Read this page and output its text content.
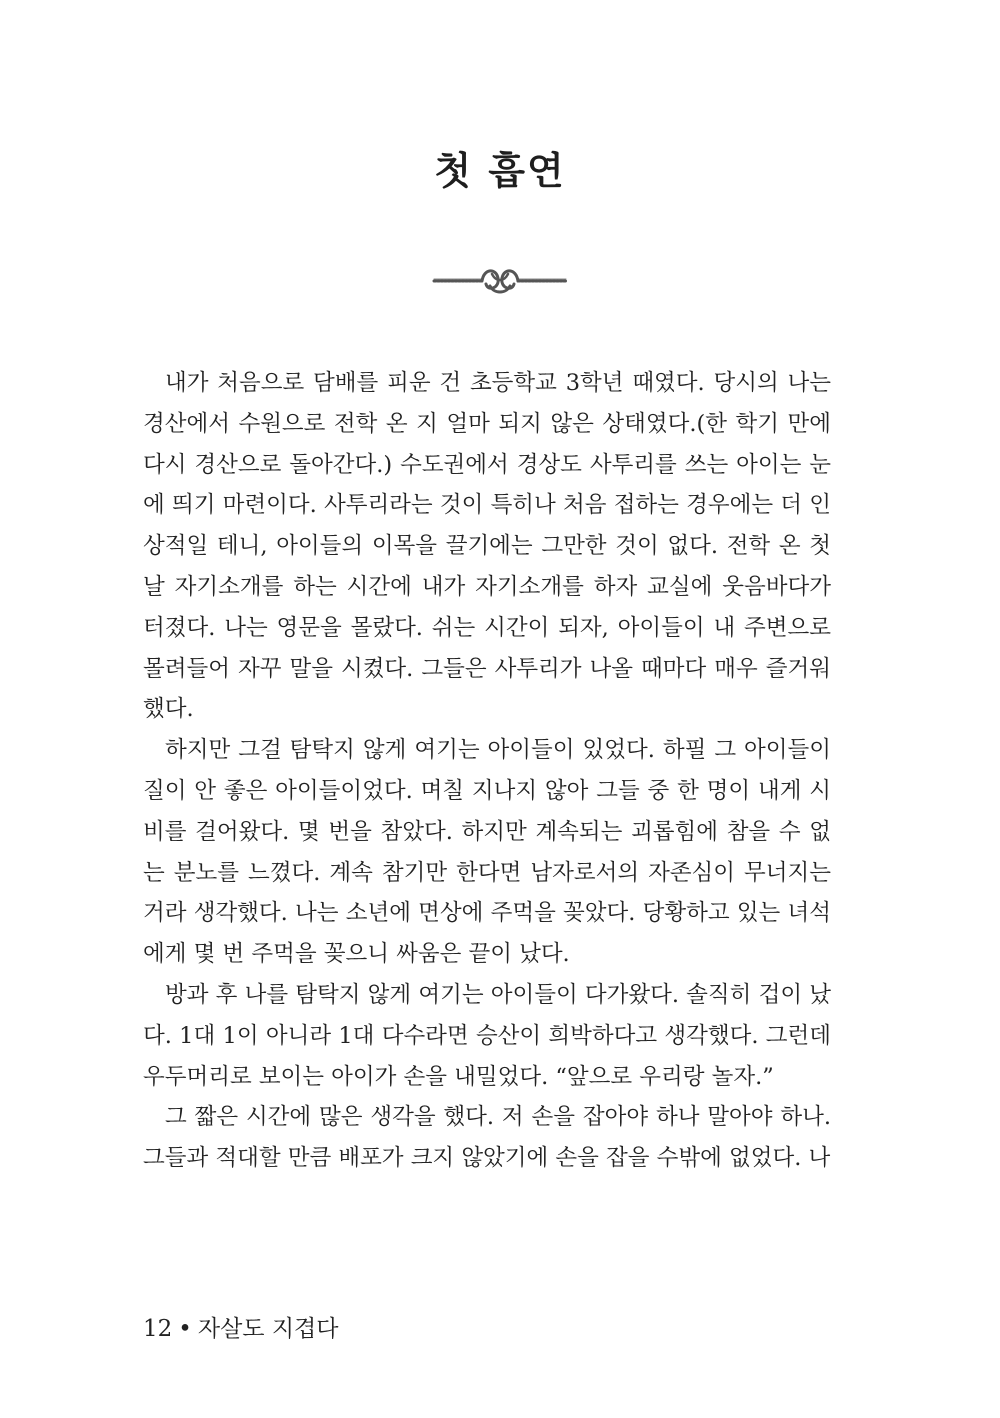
첫 흡연

내가 처음으로 담배를 피운 건 초등학교 3학년 때였다. 당시의 나는 경산에서 수원으로 전학 온 지 얼마 되지 않은 상태였다.(한 학기 만에 다시 경산으로 돌아간다.) 수도권에서 경상도 사투리를 쓰는 아이는 눈에 띄기 마련이다. 사투리라는 것이 특히나 처음 접하는 경우에는 더 인상적일 테니, 아이들의 이목을 끌기에는 그만한 것이 없다. 전학 온 첫날 자기소개를 하는 시간에 내가 자기소개를 하자 교실에 웃음바다가 터졌다. 나는 영문을 몰랐다. 쉬는 시간이 되자, 아이들이 내 주변으로 몰려들어 자꾸 말을 시켰다. 그들은 사투리가 나올 때마다 매우 즐거워했다.

하지만 그걸 탐탁지 않게 여기는 아이들이 있었다. 하필 그 아이들이 질이 안 좋은 아이들이었다. 며칠 지나지 않아 그들 중 한 명이 내게 시비를 걸어왔다. 몇 번을 참았다. 하지만 계속되는 괴롭힘에 참을 수 없는 분노를 느꼈다. 계속 참기만 한다면 남자로서의 자존심이 무너지는 거라 생각했다. 나는 소년에 면상에 주먹을 꽂았다. 당황하고 있는 녀석에게 몇 번 주먹을 꽂으니 싸움은 끝이 났다.

방과 후 나를 탐탁지 않게 여기는 아이들이 다가왔다. 솔직히 겁이 났다. 1대 1이 아니라 1대 다수라면 승산이 희박하다고 생각했다. 그런데 우두머리로 보이는 아이가 손을 내밀었다. “앞으로 우리랑 놀자.”

그 짧은 시간에 많은 생각을 했다. 저 손을 잡아야 하나 말아야 하나. 그들과 적대할 만큼 배포가 크지 않았기에 손을 잡을 수밖에 없었다. 나

12 • 자살도 지겹다
